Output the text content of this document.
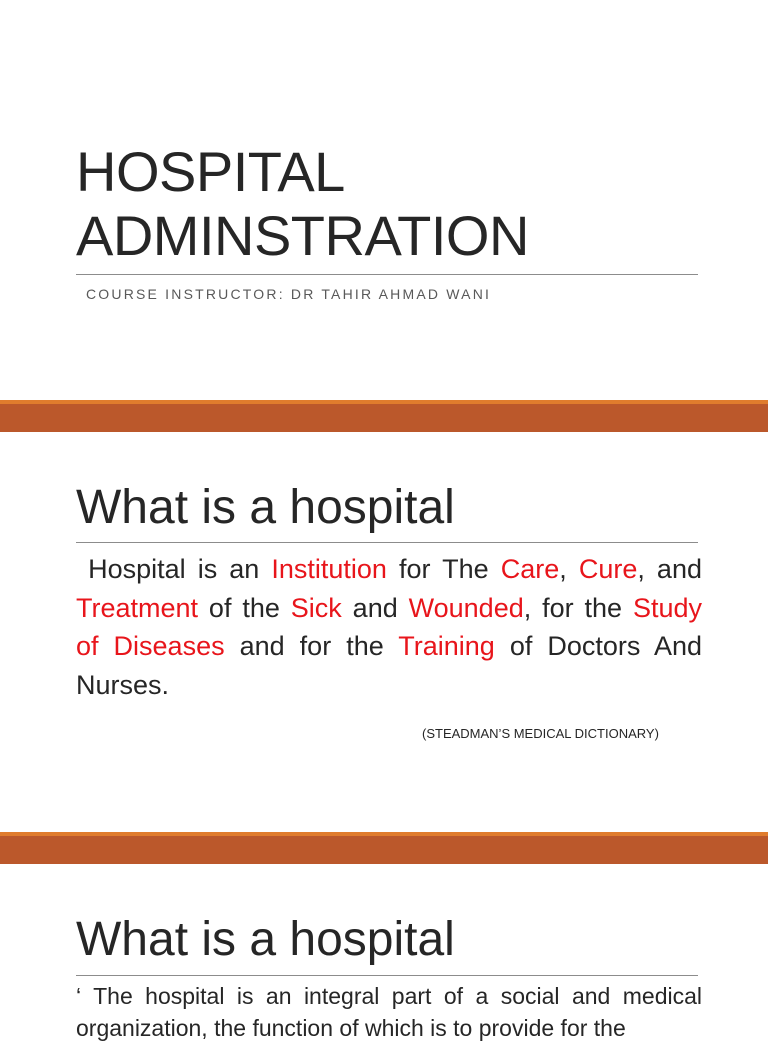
HOSPITAL
ADMINSTRATION
COURSE INSTRUCTOR: DR TAHIR AHMAD WANI
What is a hospital

Hospital is an Institution for The Care, Cure, and Treatment of the Sick and Wounded, for the Study of Diseases and for the Training of Doctors And Nurses.

(STEADMAN’S MEDICAL DICTIONARY)
What is a hospital

‘ The hospital is an integral part of a social and medical organization, the function of which is to provide for the
